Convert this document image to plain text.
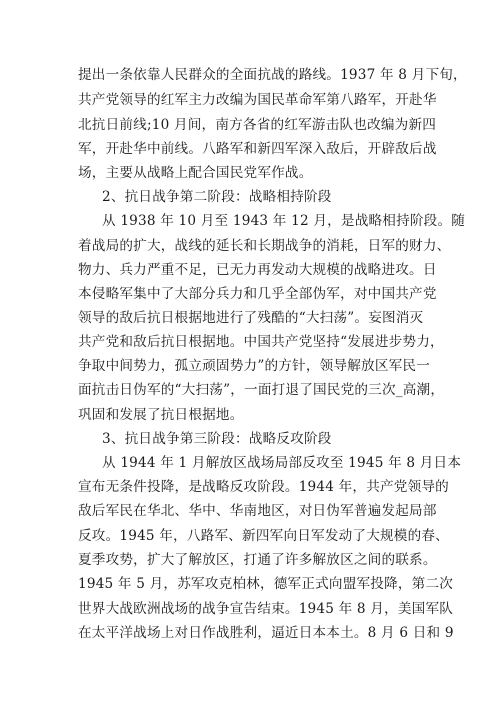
提出一条依靠人民群众的全面抗战的路线。1937 年 8 月下旬，
共产党领导的红军主力改编为国民革命军第八路军，开赴华
北抗日前线;10 月间，南方各省的红军游击队也改编为新四
军，开赴华中前线。八路军和新四军深入敌后，开辟敌后战
场，主要从战略上配合国民党军作战。
2、抗日战争第二阶段：战略相持阶段
从 1938 年 10 月至 1943 年 12 月，是战略相持阶段。随
着战局的扩大，战线的延长和长期战争的消耗，日军的财力、
物力、兵力严重不足，已无力再发动大规模的战略进攻。日
本侵略军集中了大部分兵力和几乎全部伪军，对中国共产党
领导的敌后抗日根据地进行了残酷的“大扫荡”。妄图消灭
共产党和敌后抗日根据地。中国共产党坚持“发展进步势力，
争取中间势力，孤立顽固势力”的方针，领导解放区军民一
面抗击日伪军的“大扫荡”，一面打退了国民党的三次_高潮，
巩固和发展了抗日根据地。
3、抗日战争第三阶段：战略反攻阶段
从 1944 年 1 月解放区战场局部反攻至 1945 年 8 月日本
宣布无条件投降，是战略反攻阶段。1944 年，共产党领导的
敌后军民在华北、华中、华南地区，对日伪军普遍发起局部
反攻。1945 年，八路军、新四军向日军发动了大规模的春、
夏季攻势，扩大了解放区，打通了许多解放区之间的联系。
1945 年 5 月，苏军攻克柏林，德军正式向盟军投降，第二次
世界大战欧洲战场的战争宣告结束。1945 年 8 月，美国军队
在太平洋战场上对日作战胜利，逼近日本本土。8 月 6 日和 9
